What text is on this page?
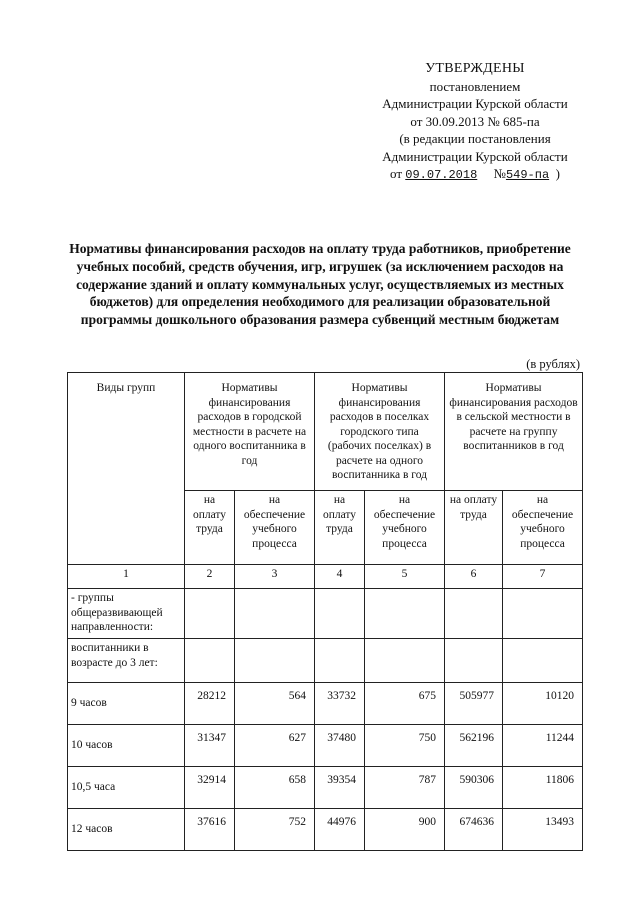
УТВЕРЖДЕНЫ
постановлением
Администрации Курской области
от 30.09.2013 № 685-па
(в редакции постановления
Администрации Курской области
от 09.07.2018 №549-па )
Нормативы финансирования расходов на оплату труда работников, приобретение учебных пособий, средств обучения, игр, игрушек (за исключением расходов на содержание зданий и оплату коммунальных услуг, осуществляемых из местных бюджетов) для определения необходимого для реализации образовательной программы дошкольного образования размера субвенций местным бюджетам
(в рублях)
Виды групп	Нормативы финансирования расходов в городской местности в расчете на одного воспитанника в год		Нормативы финансирования расходов в поселках городского типа (рабочих поселках) в расчете на одного воспитанника в год		Нормативы финансирования расходов в сельской местности в расчете на группу воспитанников в год	
	на оплату труда	на обеспечение учебного процесса	на оплату труда	на обеспечение учебного процесса	на оплату труда	на обеспечение учебного процесса
1	2	3	4	5	6	7
- группы общеразвивающей направленности:						
воспитанники в возрасте до 3 лет:						
9 часов	28212	564	33732	675	505977	10120
10 часов	31347	627	37480	750	562196	11244
10,5 часа	32914	658	39354	787	590306	11806
12 часов	37616	752	44976	900	674636	13493
